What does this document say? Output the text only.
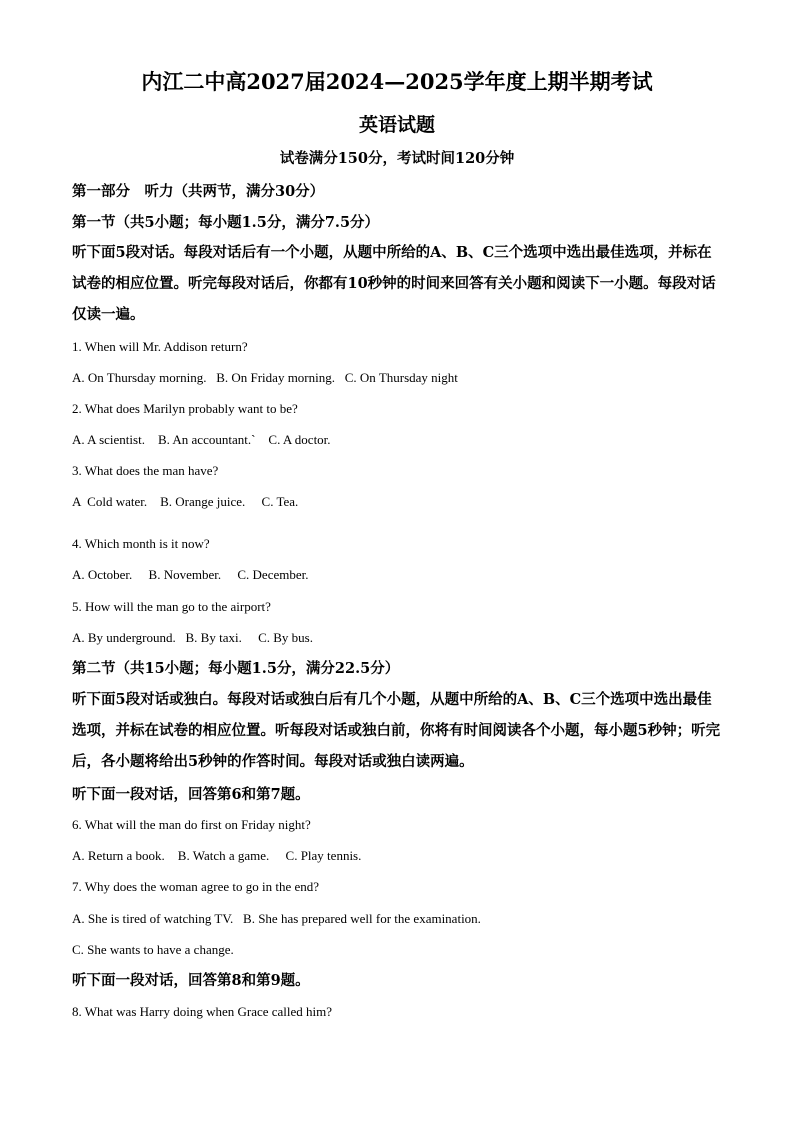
内江二中高2027届2024—2025学年度上期半期考试
英语试题
试卷满分150分，考试时间120分钟
第一部分　听力（共两节，满分30分）
第一节（共5小题；每小题1.5分，满分7.5分）
听下面5段对话。每段对话后有一个小题，从题中所给的A、B、C三个选项中选出最佳选项，并标在试卷的相应位置。听完每段对话后，你都有10秒钟的时间来回答有关小题和阅读下一小题。每段对话仅读一遍。
1. When will Mr. Addison return?
A. On Thursday morning.   B. On Friday morning.   C. On Thursday night
2. What does Marilyn probably want to be?
A. A scientist.    B. An accountant.`    C. A doctor.
3. What does the man have?
A  Cold water.    B. Orange juice.     C. Tea.
4. Which month is it now?
A. October.     B. November.     C. December.
5. How will the man go to the airport?
A. By underground.   B. By taxi.     C. By bus.
第二节（共15小题；每小题1.5分，满分22.5分）
听下面5段对话或独白。每段对话或独白后有几个小题，从题中所给的A、B、C三个选项中选出最佳选项，并标在试卷的相应位置。听每段对话或独白前，你将有时间阅读各个小题，每小题5秒钟；听完后，各小题将给出5秒钟的作答时间。每段对话或独白读两遍。
听下面一段对话，回答第6和第7题。
6. What will the man do first on Friday night?
A. Return a book.    B. Watch a game.     C. Play tennis.
7. Why does the woman agree to go in the end?
A. She is tired of watching TV.   B. She has prepared well for the examination.
C. She wants to have a change.
听下面一段对话，回答第8和第9题。
8. What was Harry doing when Grace called him?
